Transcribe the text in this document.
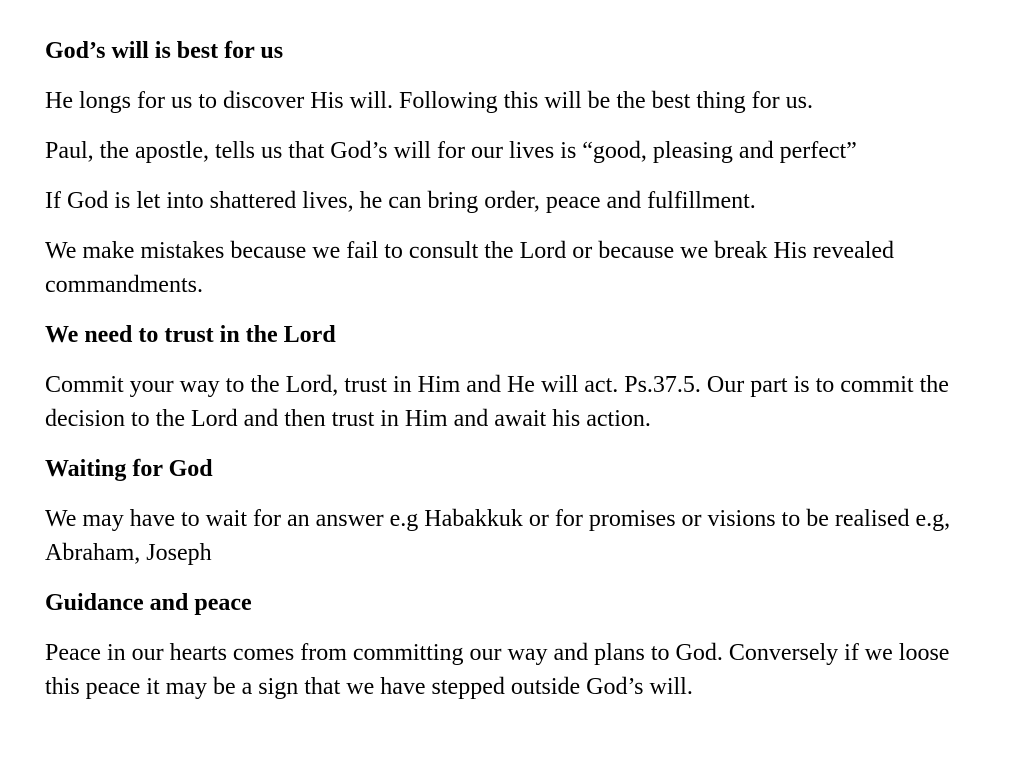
God’s will is best for us

He longs for us to discover His will. Following this will be the best thing for us.

Paul, the apostle, tells us that God’s will for our lives is “good, pleasing and perfect”

If God is let into shattered lives, he can bring order, peace and fulfillment.

We make mistakes because we fail to consult the Lord or because we break His revealed commandments.

We need to trust in the Lord

Commit your way to the Lord, trust in Him and He will act. Ps.37.5. Our part is to commit the decision to the Lord and then trust in Him and await his action.

Waiting for God

We may have to wait for an answer e.g Habakkuk or for promises or visions to be realised e.g, Abraham, Joseph

Guidance and peace

Peace in our hearts comes from committing our way and plans to God. Conversely if we loose this peace it may be a sign that we have stepped outside God’s will.
